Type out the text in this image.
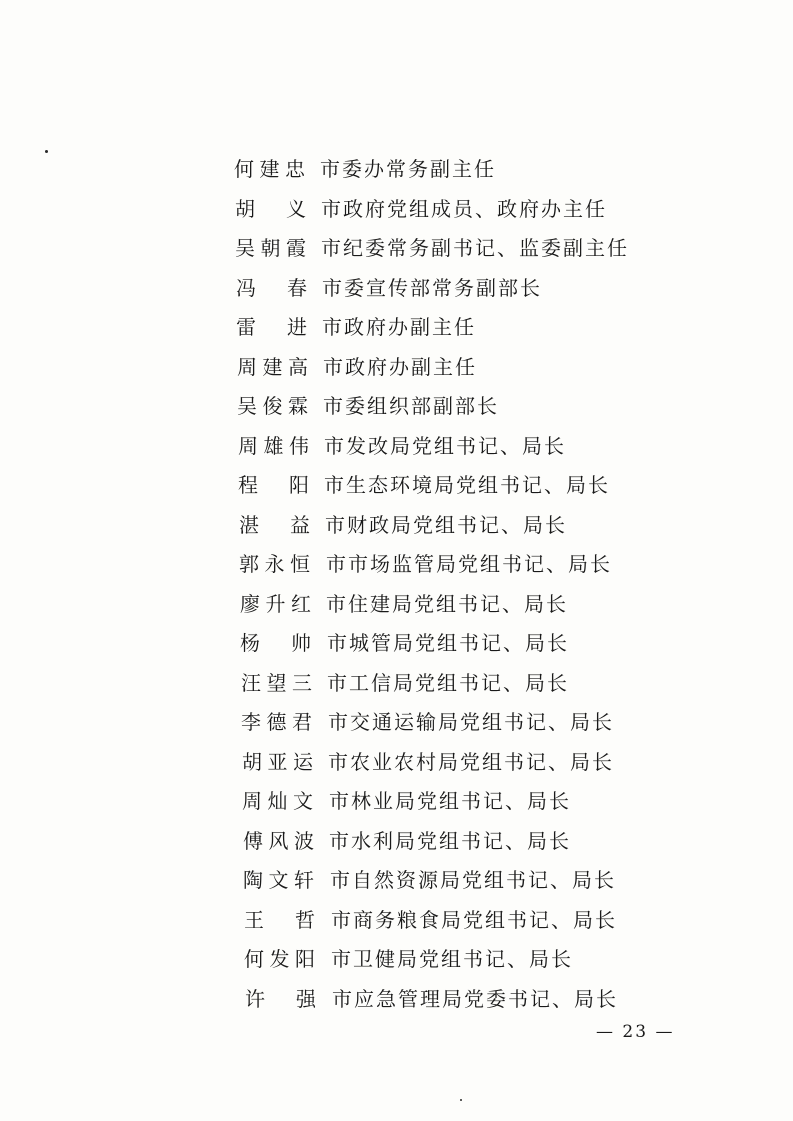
何建忠 市委办常务副主任
胡　义 市政府党组成员、政府办主任
吴朝霞 市纪委常务副书记、监委副主任
冯　春 市委宣传部常务副部长
雷　进 市政府办副主任
周建高 市政府办副主任
吴俊霖 市委组织部副部长
周雄伟 市发改局党组书记、局长
程　阳 市生态环境局党组书记、局长
湛　益 市财政局党组书记、局长
郭永恒 市市场监管局党组书记、局长
廖升红 市住建局党组书记、局长
杨　帅 市城管局党组书记、局长
汪望三 市工信局党组书记、局长
李德君 市交通运输局党组书记、局长
胡亚运 市农业农村局党组书记、局长
周灿文 市林业局党组书记、局长
傅风波 市水利局党组书记、局长
陶文轩 市自然资源局党组书记、局长
王　哲 市商务粮食局党组书记、局长
何发阳 市卫健局党组书记、局长
许　强 市应急管理局党委书记、局长
— 23 —
